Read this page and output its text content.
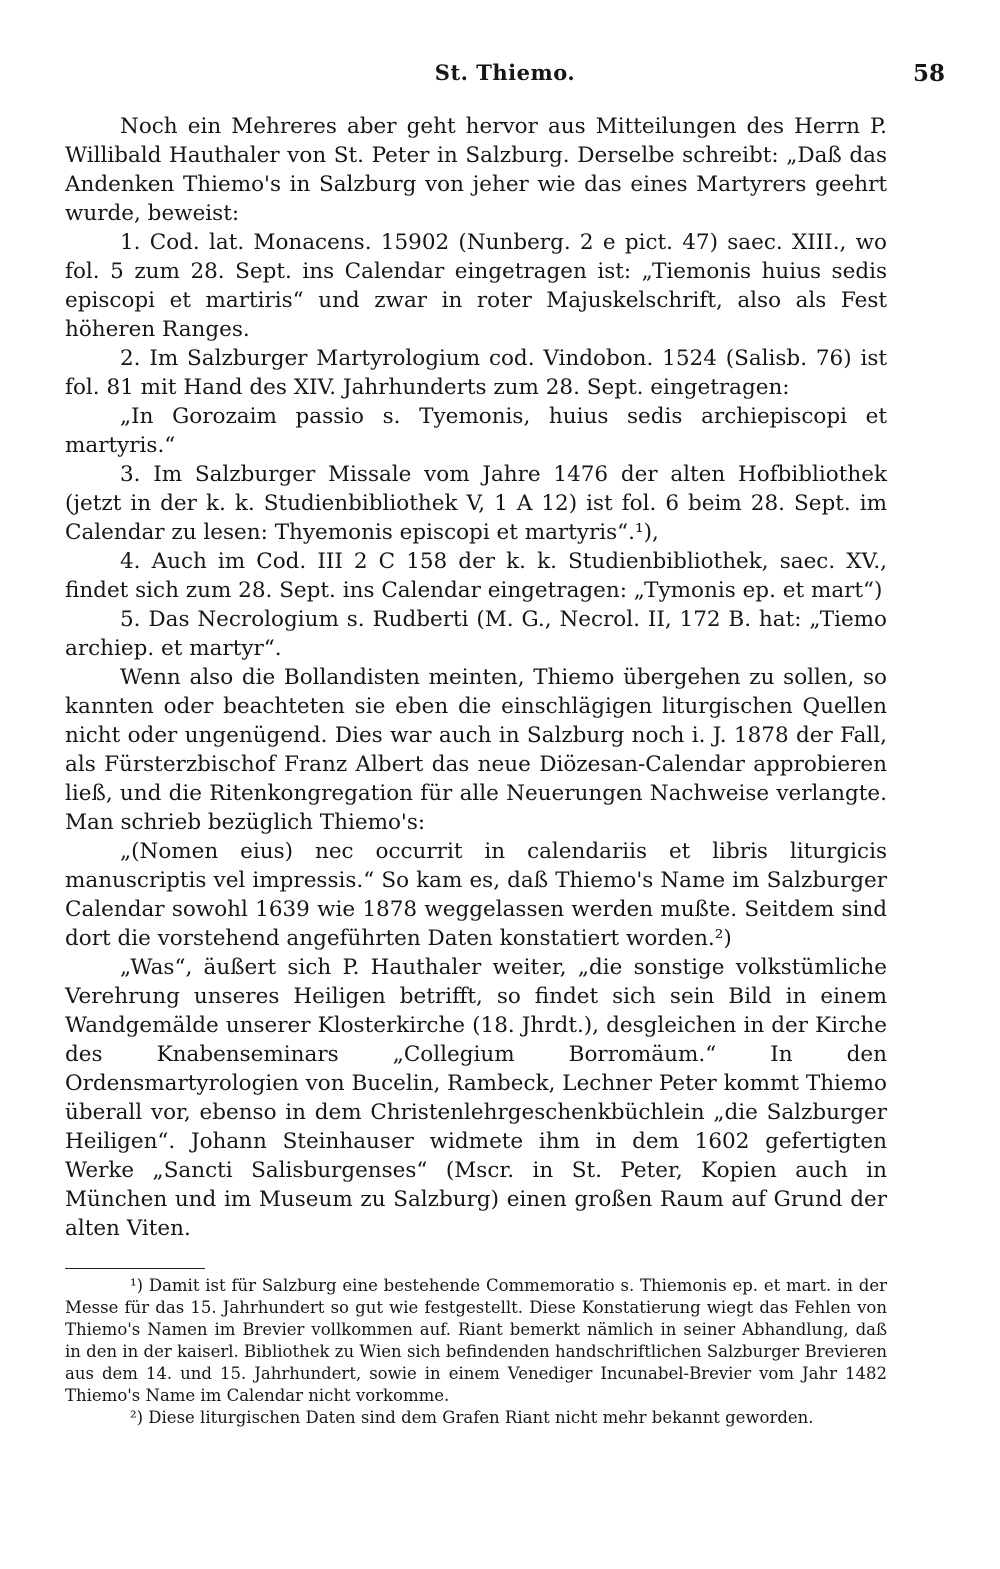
St. Thiemo.	58

Noch ein Mehreres aber geht hervor aus Mitteilungen des Herrn P. Willibald Hauthaler von St. Peter in Salzburg. Derselbe schreibt: „Daß das Andenken Thiemo's in Salzburg von jeher wie das eines Martyrers geehrt wurde, beweist:

1. Cod. lat. Monacens. 15902 (Nunberg. 2 e pict. 47) saec. XIII., wo fol. 5 zum 28. Sept. ins Calendar eingetragen ist: „Tiemonis huius sedis episcopi et martiris“ und zwar in roter Majuskelschrift, also als Fest höheren Ranges.

2. Im Salzburger Martyrologium cod. Vindobon. 1524 (Salisb. 76) ist fol. 81 mit Hand des XIV. Jahrhunderts zum 28. Sept. eingetragen:

„In Gorozaim passio s. Tyemonis, huius sedis archiepiscopi et martyris.“

3. Im Salzburger Missale vom Jahre 1476 der alten Hofbibliothek (jetzt in der k. k. Studienbibliothek V, 1 A 12) ist fol. 6 beim 28. Sept. im Calendar zu lesen: Thyemonis episcopi et martyris“.¹),

4. Auch im Cod. III 2 C 158 der k. k. Studienbibliothek, saec. XV., findet sich zum 28. Sept. ins Calendar eingetragen: „Tymonis ep. et mart“)

5. Das Necrologium s. Rudberti (M. G., Necrol. II, 172 B. hat: „Tiemo archiep. et martyr“.

Wenn also die Bollandisten meinten, Thiemo übergehen zu sollen, so kannten oder beachteten sie eben die einschlägigen liturgischen Quellen nicht oder ungenügend. Dies war auch in Salzburg noch i. J. 1878 der Fall, als Fürsterzbischof Franz Albert das neue Diözesan-Calendar approbieren ließ, und die Ritenkongregation für alle Neuerungen Nachweise verlangte. Man schrieb bezüglich Thiemo's:

„(Nomen eius) nec occurrit in calendariis et libris liturgicis manuscriptis vel impressis.“ So kam es, daß Thiemo's Name im Salzburger Calendar sowohl 1639 wie 1878 weggelassen werden mußte. Seitdem sind dort die vorstehend angeführten Daten konstatiert worden.²)

„Was“, äußert sich P. Hauthaler weiter, „die sonstige volkstümliche Verehrung unseres Heiligen betrifft, so findet sich sein Bild in einem Wandgemälde unserer Klosterkirche (18. Jhrdt.), desgleichen in der Kirche des Knabenseminars „Collegium Borromäum.“ In den Ordensmartyrologien von Bucelin, Rambeck, Lechner Peter kommt Thiemo überall vor, ebenso in dem Christenlehrgeschenkbüchlein „die Salzburger Heiligen“. Johann Steinhauser widmete ihm in dem 1602 gefertigten Werke „Sancti Salisburgenses“ (Mscr. in St. Peter, Kopien auch in München und im Museum zu Salzburg) einen großen Raum auf Grund der alten Viten.

¹) Damit ist für Salzburg eine bestehende Commemoratio s. Thiemonis ep. et mart. in der Messe für das 15. Jahrhundert so gut wie festgestellt. Diese Konstatierung wiegt das Fehlen von Thiemo's Namen im Brevier vollkommen auf. Riant bemerkt nämlich in seiner Abhandlung, daß in den in der kaiserl. Bibliothek zu Wien sich befindenden handschriftlichen Salzburger Brevieren aus dem 14. und 15. Jahrhundert, sowie in einem Venediger Incunabel-Brevier vom Jahr 1482 Thiemo's Name im Calendar nicht vorkomme.

²) Diese liturgischen Daten sind dem Grafen Riant nicht mehr bekannt geworden.
